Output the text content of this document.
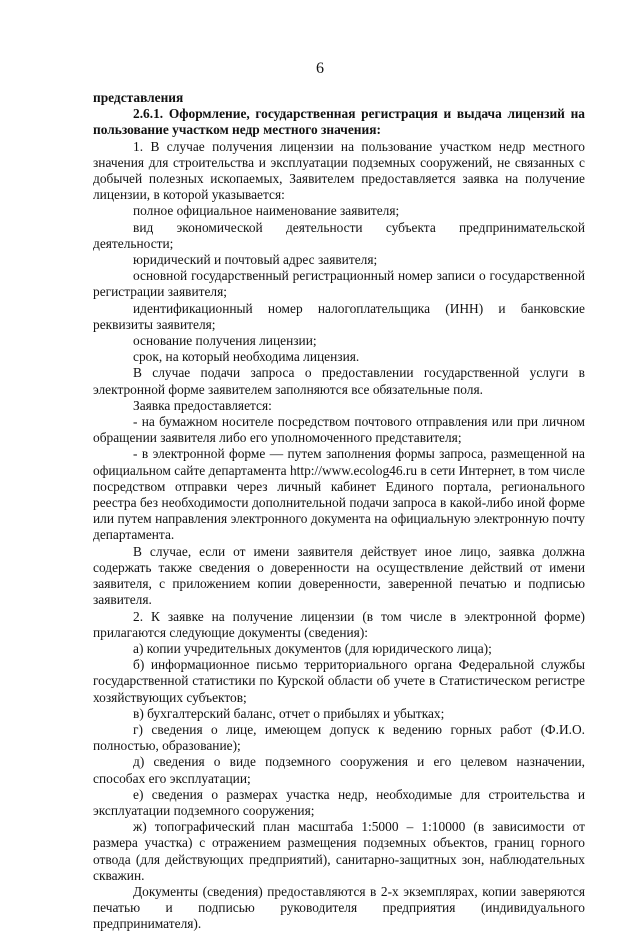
6

представления

2.6.1. Оформление, государственная регистрация и выдача лицензий на пользование участком недр местного значения:

1. В случае получения лицензии на пользование участком недр местного значения для строительства и эксплуатации подземных сооружений, не связанных с добычей полезных ископаемых, Заявителем предоставляется заявка на получение лицензии, в которой указывается:

полное официальное наименование заявителя;

вид экономической деятельности субъекта предпринимательской деятельности;

юридический и почтовый адрес заявителя;

основной государственный регистрационный номер записи о государственной регистрации заявителя;

идентификационный номер налогоплательщика (ИНН) и банковские реквизиты заявителя;

основание получения лицензии;

срок, на который необходима лицензия.

В случае подачи запроса о предоставлении государственной услуги в электронной форме заявителем заполняются все обязательные поля.

Заявка предоставляется:

- на бумажном носителе посредством почтового отправления или при личном обращении заявителя либо его уполномоченного представителя;

- в электронной форме — путем заполнения формы запроса, размещенной на официальном сайте департамента http://www.ecolog46.ru в сети Интернет, в том числе посредством отправки через личный кабинет Единого портала, регионального реестра без необходимости дополнительной подачи запроса в какой-либо иной форме или путем направления электронного документа на официальную электронную почту департамента.

В случае, если от имени заявителя действует иное лицо, заявка должна содержать также сведения о доверенности на осуществление действий от имени заявителя, с приложением копии доверенности, заверенной печатью и подписью заявителя.

2. К заявке на получение лицензии (в том числе в электронной форме) прилагаются следующие документы (сведения):

а) копии учредительных документов (для юридического лица);

б) информационное письмо территориального органа Федеральной службы государственной статистики по Курской области об учете в Статистическом регистре хозяйствующих субъектов;

в) бухгалтерский баланс, отчет о прибылях и убытках;

г) сведения о лице, имеющем допуск к ведению горных работ (Ф.И.О. полностью, образование);

д) сведения о виде подземного сооружения и его целевом назначении, способах его эксплуатации;

е) сведения о размерах участка недр, необходимые для строительства и эксплуатации подземного сооружения;

ж) топографический план масштаба 1:5000 – 1:10000 (в зависимости от размера участка) с отражением размещения подземных объектов, границ горного отвода (для действующих предприятий), санитарно-защитных зон, наблюдательных скважин.

Документы (сведения) предоставляются в 2-х экземплярах, копии заверяются печатью и подписью руководителя предприятия (индивидуального предпринимателя).
